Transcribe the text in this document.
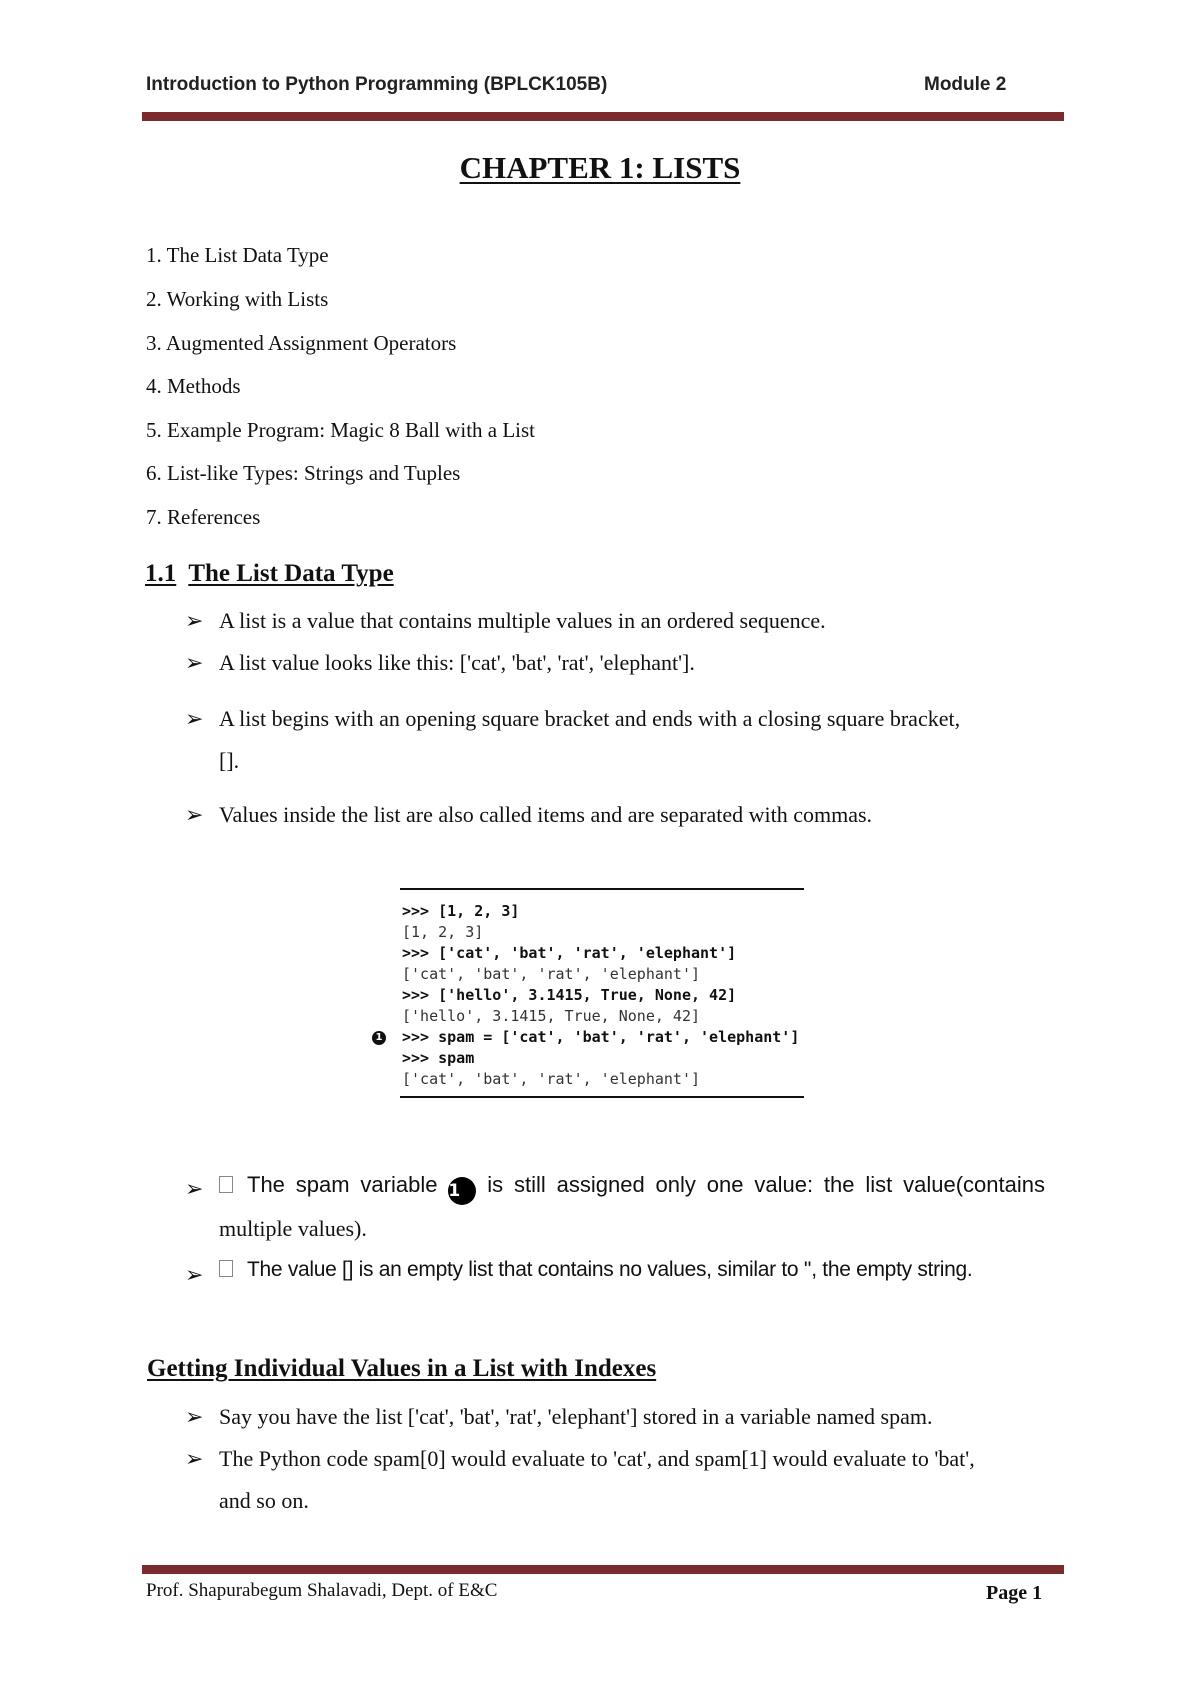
Introduction to Python Programming (BPLCK105B)	Module 2
CHAPTER 1: LISTS
1. The List Data Type
2. Working with Lists
3. Augmented Assignment Operators
4. Methods
5. Example Program: Magic 8 Ball with a List
6. List-like Types: Strings and Tuples
7. References
1.1 The List Data Type
➢ A list is a value that contains multiple values in an ordered sequence.
➢ A list value looks like this: ['cat', 'bat', 'rat', 'elephant'].
➢ A list begins with an opening square bracket and ends with a closing square bracket,
[].
➢ Values inside the list are also called items and are separated with commas.
>>> [1, 2, 3]
[1, 2, 3]
>>> ['cat', 'bat', 'rat', 'elephant']
['cat', 'bat', 'rat', 'elephant']
>>> ['hello', 3.1415, True, None, 42]
['hello', 3.1415, True, None, 42]
1 >>> spam = ['cat', 'bat', 'rat', 'elephant']
>>> spam
['cat', 'bat', 'rat', 'elephant']
➢	The spam variable 1 is still assigned only one value: the list value(contains
multiple values).
➢	The value [] is an empty list that contains no values, similar to '', the empty string.
Getting Individual Values in a List with Indexes
➢ Say you have the list ['cat', 'bat', 'rat', 'elephant'] stored in a variable named spam.
➢ The Python code spam[0] would evaluate to 'cat', and spam[1] would evaluate to 'bat',
and so on.
Prof. Shapurabegum Shalavadi, Dept. of E&C	Page 1
